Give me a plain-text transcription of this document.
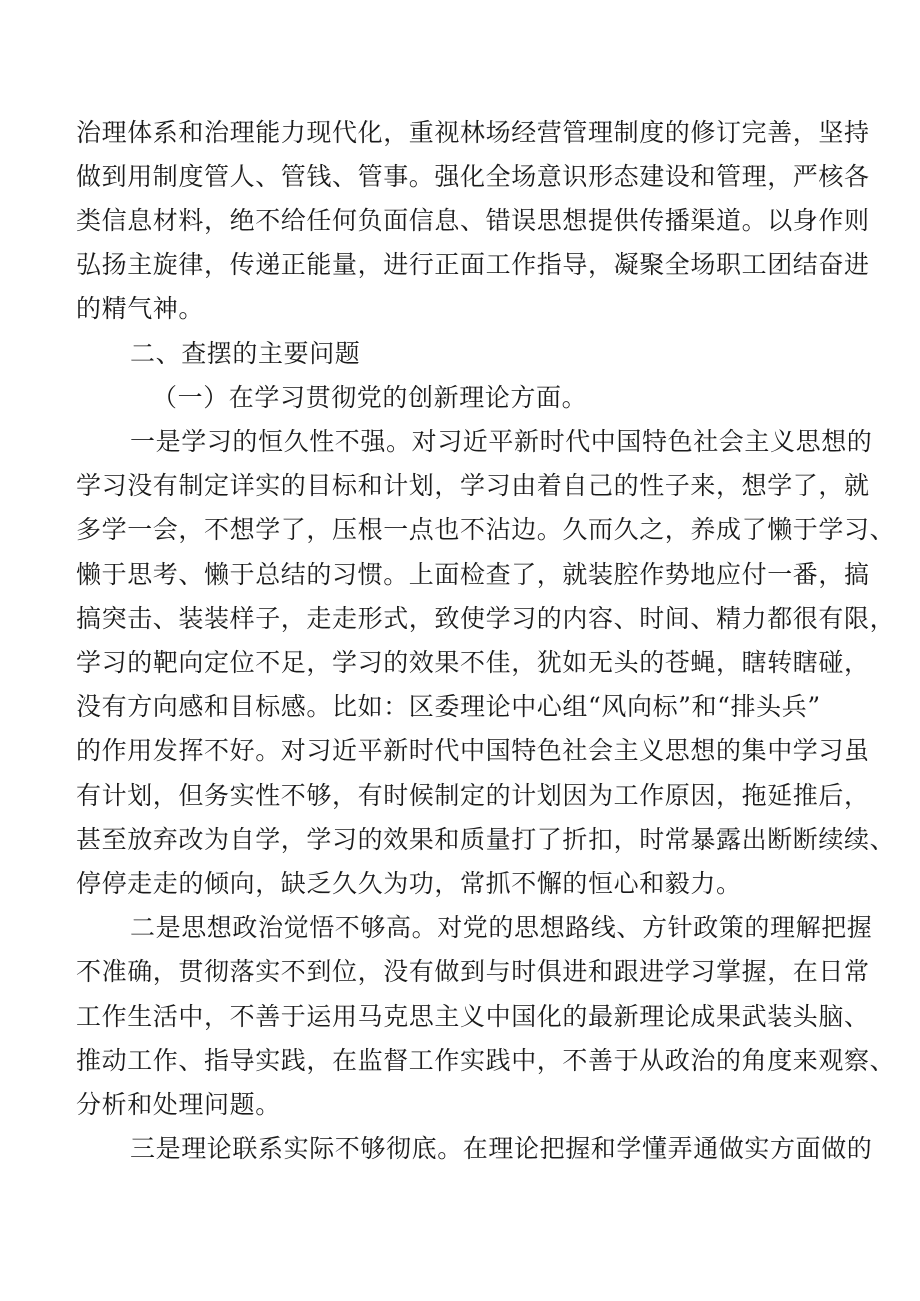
治理体系和治理能力现代化，重视林场经营管理制度的修订完善，坚持
做到用制度管人、管钱、管事。强化全场意识形态建设和管理，严核各
类信息材料，绝不给任何负面信息、错误思想提供传播渠道。以身作则
弘扬主旋律，传递正能量，进行正面工作指导，凝聚全场职工团结奋进
的精气神。
二、查摆的主要问题
（一）在学习贯彻党的创新理论方面。
一是学习的恒久性不强。对习近平新时代中国特色社会主义思想的
学习没有制定详实的目标和计划，学习由着自己的性子来，想学了，就
多学一会，不想学了，压根一点也不沾边。久而久之，养成了懒于学习、
懒于思考、懒于总结的习惯。上面检查了，就装腔作势地应付一番，搞
搞突击、装装样子，走走形式，致使学习的内容、时间、精力都很有限，
学习的靶向定位不足，学习的效果不佳，犹如无头的苍蝇，瞎转瞎碰，
没有方向感和目标感。比如：区委理论中心组“风向标”和“排头兵”
的作用发挥不好。对习近平新时代中国特色社会主义思想的集中学习虽
有计划，但务实性不够，有时候制定的计划因为工作原因，拖延推后，
甚至放弃改为自学，学习的效果和质量打了折扣，时常暴露出断断续续、
停停走走的倾向，缺乏久久为功，常抓不懈的恒心和毅力。
二是思想政治觉悟不够高。对党的思想路线、方针政策的理解把握
不准确，贯彻落实不到位，没有做到与时俱进和跟进学习掌握，在日常
工作生活中，不善于运用马克思主义中国化的最新理论成果武装头脑、
推动工作、指导实践，在监督工作实践中，不善于从政治的角度来观察、
分析和处理问题。
三是理论联系实际不够彻底。在理论把握和学懂弄通做实方面做的
